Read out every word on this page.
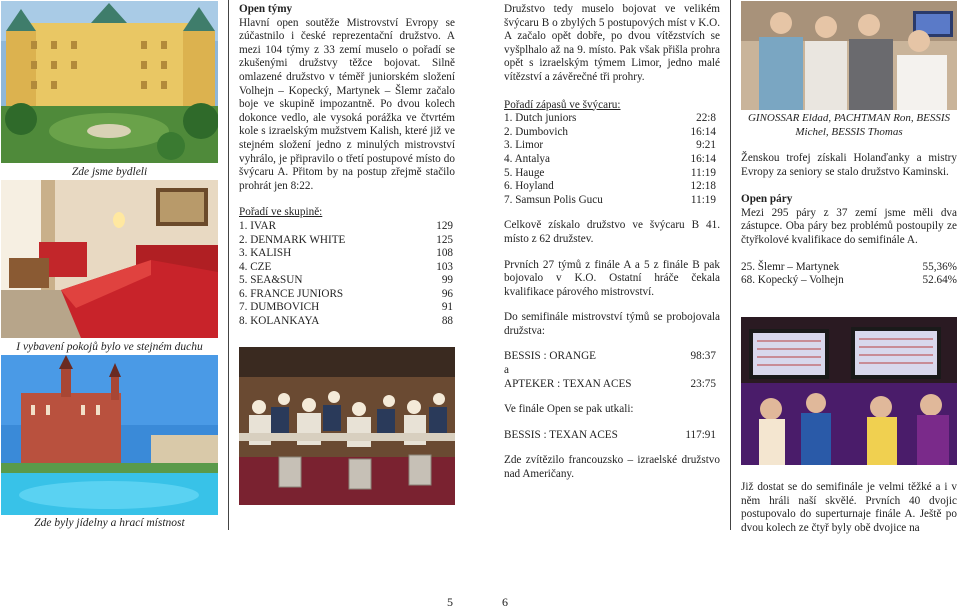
Zde jsme bydleli
I vybavení pokojů bylo ve stejném duchu
Zde byly jídelny a hrací místnost
Open týmy

Hlavní open soutěže Mistrovství Evropy se zúčastnilo i české reprezentační družstvo. A mezi 104 týmy z 33 zemí muselo o pořadí se zkušenými družstvy těžce bojovat. Silně omlazené družstvo v téměř juniorském složení Volhejn – Kopecký, Martynek – Šlemr začalo boje ve skupině impozantně. Po dvou kolech dokonce vedlo, ale vysoká porážka ve čtvrtém kole s izraelským mužstvem Kalish, které již ve stejném složení jedno z minulých mistrovství vyhrálo, je připravilo o třetí postupové místo do švýcaru A. Přitom by na postup zřejmě stačilo prohrát jen 8:22.

Pořadí ve skupině:
1. IVAR	129
2. DENMARK WHITE	125
3. KALISH	108
4. CZE	103
5. SEA&SUN	99
6. FRANCE JUNIORS	96
7. DUMBOVICH	91
8. KOLANKAYA	88

Družstvo tedy muselo bojovat ve velikém švýcaru B o zbylých 5 postupových míst v K.O. A začalo opět dobře, po dvou vítězstvích se vyšplhalo až na 9. místo. Pak však přišla prohra opět s izraelským týmem Limor, jedno malé vítězství a závěrečné tři prohry.

Pořadí zápasů ve švýcaru:
1. Dutch juniors	22:8
2. Dumbovich	16:14
3. Limor	9:21
4. Antalya	16:14
5. Hauge	11:19
6. Hoyland	12:18
7. Samsun Polis Gucu	11:19

Celkově získalo družstvo ve švýcaru B 41. místo z 62 družstev.

Prvních 27 týmů z finále A a 5 z finále B pak bojovalo v K.O. Ostatní hráče čekala kvalifikace párového mistrovství.

Do semifinále mistrovství týmů se probojovala družstva:

BESSIS : ORANGE	98:37
a
APTEKER : TEXAN ACES	23:75

Ve finále Open se pak utkali:

BESSIS : TEXAN ACES	117:91

Zde zvítězilo francouzsko – izraelské družstvo nad Američany.

GINOSSAR Eldad, PACHTMAN Ron, BESSIS Michel, BESSIS Thomas

Ženskou trofej získali Holanďanky a mistry Evropy za seniory se stalo družstvo Kaminski.

Open páry

Mezi 295 páry z 37 zemí jsme měli dva zástupce. Oba páry bez problémů postoupily ze čtyřkolové kvalifikace do semifinále A.

25. Šlemr – Martynek	55,36%
68. Kopecký – Volhejn	52.64%

Již dostat se do semifinále je velmi těžké a i v něm hráli naší skvělé. Prvních 40 dvojic postupovalo do superturnaje finále A. Ještě po dvou kolech ze čtyř byly obě dvojice na

5	6
